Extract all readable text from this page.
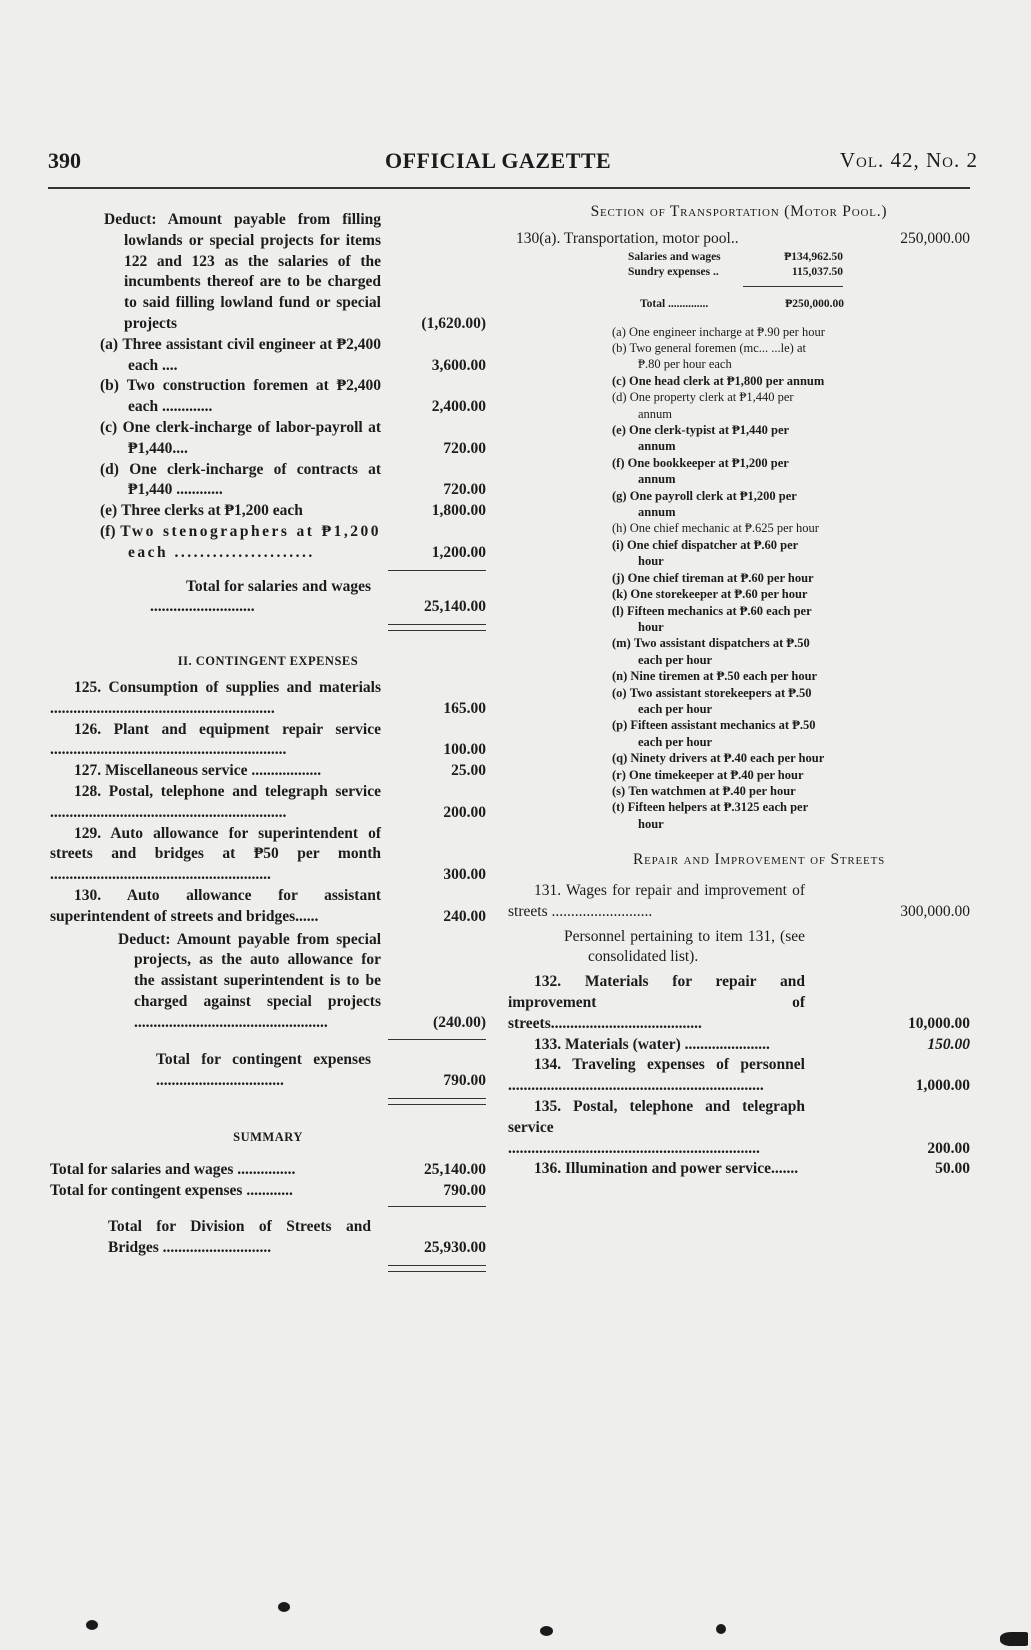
390	OFFICIAL GAZETTE	Vol. 42, No. 2
Deduct: Amount payable from filling lowlands or special projects for items 122 and 123 as the salaries of the incumbents thereof are to be charged to said filling lowland fund or special projects	(1,620.00)
(a) Three assistant civil engineer at ₱2,400 each ....	3,600.00
(b) Two construction foremen at ₱2,400 each .............	2,400.00
(c) One clerk-incharge of labor-payroll at ₱1,440....	720.00
(d) One clerk-incharge of contracts at ₱1,440 ............	720.00
(e) Three clerks at ₱1,200 each	1,800.00
(f) Two stenographers at ₱1,200 each ......................	1,200.00
Total for salaries and wages ...........................	25,140.00
II. CONTINGENT EXPENSES
125. Consumption of supplies and materials ..........................................................	165.00
126. Plant and equipment repair service .............................................................	100.00
127. Miscellaneous service ..................	25.00
128. Postal, telephone and telegraph service .............................................................	200.00
129. Auto allowance for superintendent of streets and bridges at ₱50 per month .........................................................	300.00
130. Auto allowance for assistant superintendent of streets and bridges......	240.00
Deduct: Amount payable from special projects, as the auto allowance for the assistant superintendent is to be charged against special projects ..................................................	(240.00)
Total for contingent expenses .................................	790.00
SUMMARY
Total for salaries and wages ...............	25,140.00
Total for contingent expenses ............	790.00
Total for Division of Streets and Bridges ............................	25,930.00
Section of Transportation (Motor Pool.)
130(a). Transportation, motor pool..	250,000.00
Salaries and wages	₱134,962.50
Sundry expenses ..	115,037.50
Total ..............	₱250,000.00
(a) One engineer incharge at ₱.90 per hour
(b) Two general foremen (mc... ...le) at ₱.80 per hour each
(c) One head clerk at ₱1,800 per annum
(d) One property clerk at ₱1,440 per annum
(e) One clerk-typist at ₱1,440 per annum
(f) One bookkeeper at ₱1,200 per annum
(g) One payroll clerk at ₱1,200 per annum
(h) One chief mechanic at ₱.625 per hour
(i) One chief dispatcher at ₱.60 per hour
(j) One chief tireman at ₱.60 per hour
(k) One storekeeper at ₱.60 per hour
(l) Fifteen mechanics at ₱.60 each per hour
(m) Two assistant dispatchers at ₱.50 each per hour
(n) Nine tiremen at ₱.50 each per hour
(o) Two assistant storekeepers at ₱.50 each per hour
(p) Fifteen assistant mechanics at ₱.50 each per hour
(q) Ninety drivers at ₱.40 each per hour
(r) One timekeeper at ₱.40 per hour
(s) Ten watchmen at ₱.40 per hour
(t) Fifteen helpers at ₱.3125 each per hour
Repair and Improvement of Streets
131. Wages for repair and improvement of streets ..........................	300,000.00
Personnel pertaining to item 131, (see consolidated list).
132. Materials for repair and improvement of streets.......................................	10,000.00
133. Materials (water) ......................	150.00
134. Traveling expenses of personnel ..................................................................	1,000.00
135. Postal, telephone and telegraph service .................................................................	200.00
136. Illumination and power service.......	50.00
